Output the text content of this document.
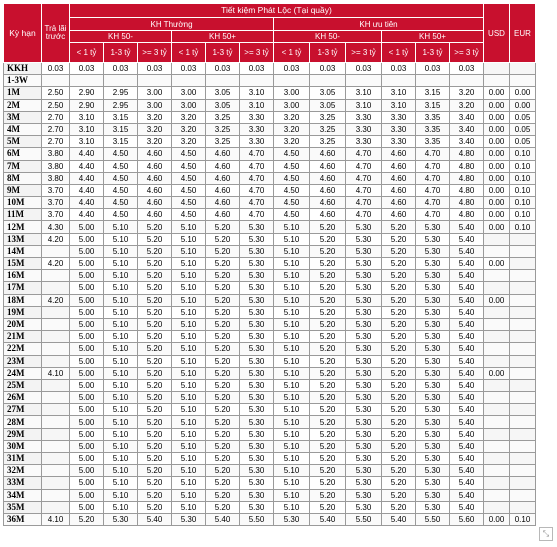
Kỳ hạn	Trả lãi trước	Tiết kiệm Phát Lộc (Tại quầy)												USD	EUR
		KH Thường						KH ưu tiên							
		KH 50-			KH 50+			KH 50-			KH 50+				
		< 1 tỷ	1-3 tỷ	>= 3 tỷ	< 1 tỷ	1-3 tỷ	>= 3 tỷ	< 1 tỷ	1-3 tỷ	>= 3 tỷ	< 1 tỷ	1-3 tỷ	>= 3 tỷ		
KKH	0.03	0.03	0.03	0.03	0.03	0.03	0.03	0.03	0.03	0.03	0.03	0.03	0.03		
1-3W															
1M	2.50	2.90	2.95	3.00	3.00	3.05	3.10	3.00	3.05	3.10	3.10	3.15	3.20	0.00	0.00
2M	2.50	2.90	2.95	3.00	3.00	3.05	3.10	3.00	3.05	3.10	3.10	3.15	3.20	0.00	0.00
3M	2.70	3.10	3.15	3.20	3.20	3.25	3.30	3.20	3.25	3.30	3.30	3.35	3.40	0.00	0.05
4M	2.70	3.10	3.15	3.20	3.20	3.25	3.30	3.20	3.25	3.30	3.30	3.35	3.40	0.00	0.05
5M	2.70	3.10	3.15	3.20	3.20	3.25	3.30	3.20	3.25	3.30	3.30	3.35	3.40	0.00	0.05
6M	3.80	4.40	4.50	4.60	4.50	4.60	4.70	4.50	4.60	4.70	4.60	4.70	4.80	0.00	0.10
7M	3.80	4.40	4.50	4.60	4.50	4.60	4.70	4.50	4.60	4.70	4.60	4.70	4.80	0.00	0.10
8M	3.80	4.40	4.50	4.60	4.50	4.60	4.70	4.50	4.60	4.70	4.60	4.70	4.80	0.00	0.10
9M	3.70	4.40	4.50	4.60	4.50	4.60	4.70	4.50	4.60	4.70	4.60	4.70	4.80	0.00	0.10
10M	3.70	4.40	4.50	4.60	4.50	4.60	4.70	4.50	4.60	4.70	4.60	4.70	4.80	0.00	0.10
11M	3.70	4.40	4.50	4.60	4.50	4.60	4.70	4.50	4.60	4.70	4.60	4.70	4.80	0.00	0.10
12M	4.30	5.00	5.10	5.20	5.10	5.20	5.30	5.10	5.20	5.30	5.20	5.30	5.40	0.00	0.10
13M	4.20	5.00	5.10	5.20	5.10	5.20	5.30	5.10	5.20	5.30	5.20	5.30	5.40		
14M		5.00	5.10	5.20	5.10	5.20	5.30	5.10	5.20	5.30	5.20	5.30	5.40		
15M	4.20	5.00	5.10	5.20	5.10	5.20	5.30	5.10	5.20	5.30	5.20	5.30	5.40	0.00	
16M		5.00	5.10	5.20	5.10	5.20	5.30	5.10	5.20	5.30	5.20	5.30	5.40		
17M		5.00	5.10	5.20	5.10	5.20	5.30	5.10	5.20	5.30	5.20	5.30	5.40		
18M	4.20	5.00	5.10	5.20	5.10	5.20	5.30	5.10	5.20	5.30	5.20	5.30	5.40	0.00	
19M		5.00	5.10	5.20	5.10	5.20	5.30	5.10	5.20	5.30	5.20	5.30	5.40		
20M		5.00	5.10	5.20	5.10	5.20	5.30	5.10	5.20	5.30	5.20	5.30	5.40		
21M		5.00	5.10	5.20	5.10	5.20	5.30	5.10	5.20	5.30	5.20	5.30	5.40		
22M		5.00	5.10	5.20	5.10	5.20	5.30	5.10	5.20	5.30	5.20	5.30	5.40		
23M		5.00	5.10	5.20	5.10	5.20	5.30	5.10	5.20	5.30	5.20	5.30	5.40		
24M	4.10	5.00	5.10	5.20	5.10	5.20	5.30	5.10	5.20	5.30	5.20	5.30	5.40	0.00	
25M		5.00	5.10	5.20	5.10	5.20	5.30	5.10	5.20	5.30	5.20	5.30	5.40		
26M		5.00	5.10	5.20	5.10	5.20	5.30	5.10	5.20	5.30	5.20	5.30	5.40		
27M		5.00	5.10	5.20	5.10	5.20	5.30	5.10	5.20	5.30	5.20	5.30	5.40		
28M		5.00	5.10	5.20	5.10	5.20	5.30	5.10	5.20	5.30	5.20	5.30	5.40		
29M		5.00	5.10	5.20	5.10	5.20	5.30	5.10	5.20	5.30	5.20	5.30	5.40		
30M		5.00	5.10	5.20	5.10	5.20	5.30	5.10	5.20	5.30	5.20	5.30	5.40		
31M		5.00	5.10	5.20	5.10	5.20	5.30	5.10	5.20	5.30	5.20	5.30	5.40		
32M		5.00	5.10	5.20	5.10	5.20	5.30	5.10	5.20	5.30	5.20	5.30	5.40		
33M		5.00	5.10	5.20	5.10	5.20	5.30	5.10	5.20	5.30	5.20	5.30	5.40		
34M		5.00	5.10	5.20	5.10	5.20	5.30	5.10	5.20	5.30	5.20	5.30	5.40		
35M		5.00	5.10	5.20	5.10	5.20	5.30	5.10	5.20	5.30	5.20	5.30	5.40		
36M	4.10	5.20	5.30	5.40	5.30	5.40	5.50	5.30	5.40	5.50	5.40	5.50	5.60	0.00	0.10
⤡
